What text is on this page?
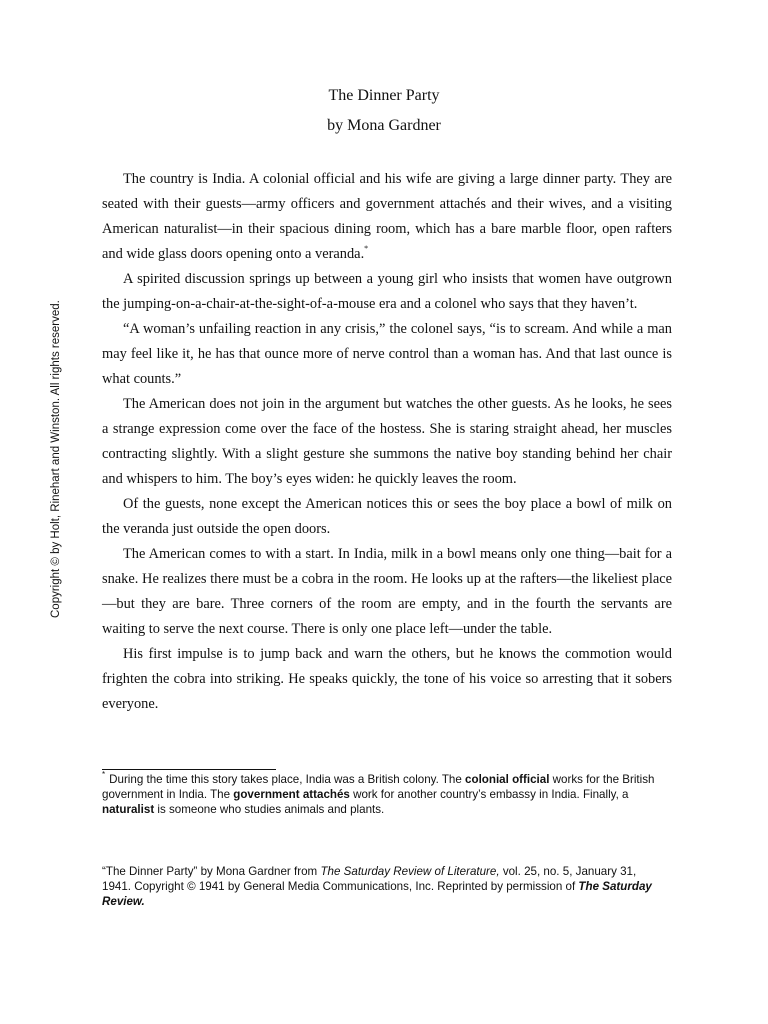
The Dinner Party
by Mona Gardner
Copyright © by Holt, Rinehart and Winston. All rights reserved.

The country is India. A colonial official and his wife are giving a large dinner party. They are seated with their guests—army officers and government attachés and their wives, and a visiting American naturalist—in their spacious dining room, which has a bare marble floor, open rafters and wide glass doors opening onto a veranda.*

A spirited discussion springs up between a young girl who insists that women have outgrown the jumping-on-a-chair-at-the-sight-of-a-mouse era and a colonel who says that they haven’t.

“A woman’s unfailing reaction in any crisis,” the colonel says, “is to scream. And while a man may feel like it, he has that ounce more of nerve control than a woman has. And that last ounce is what counts.”

The American does not join in the argument but watches the other guests. As he looks, he sees a strange expression come over the face of the hostess. She is staring straight ahead, her muscles contracting slightly. With a slight gesture she summons the native boy standing behind her chair and whispers to him. The boy’s eyes widen: he quickly leaves the room.

Of the guests, none except the American notices this or sees the boy place a bowl of milk on the veranda just outside the open doors.

The American comes to with a start. In India, milk in a bowl means only one thing—bait for a snake. He realizes there must be a cobra in the room. He looks up at the rafters—the likeliest place—but they are bare. Three corners of the room are empty, and in the fourth the servants are waiting to serve the next course. There is only one place left—under the table.

His first impulse is to jump back and warn the others, but he knows the commotion would frighten the cobra into striking. He speaks quickly, the tone of his voice so arresting that it sobers everyone.

* During the time this story takes place, India was a British colony. The colonial official works for the British government in India. The government attachés work for another country’s embassy in India. Finally, a naturalist is someone who studies animals and plants.
“The Dinner Party” by Mona Gardner from The Saturday Review of Literature, vol. 25, no. 5, January 31, 1941. Copyright © 1941 by General Media Communications, Inc. Reprinted by permission of The Saturday Review.
